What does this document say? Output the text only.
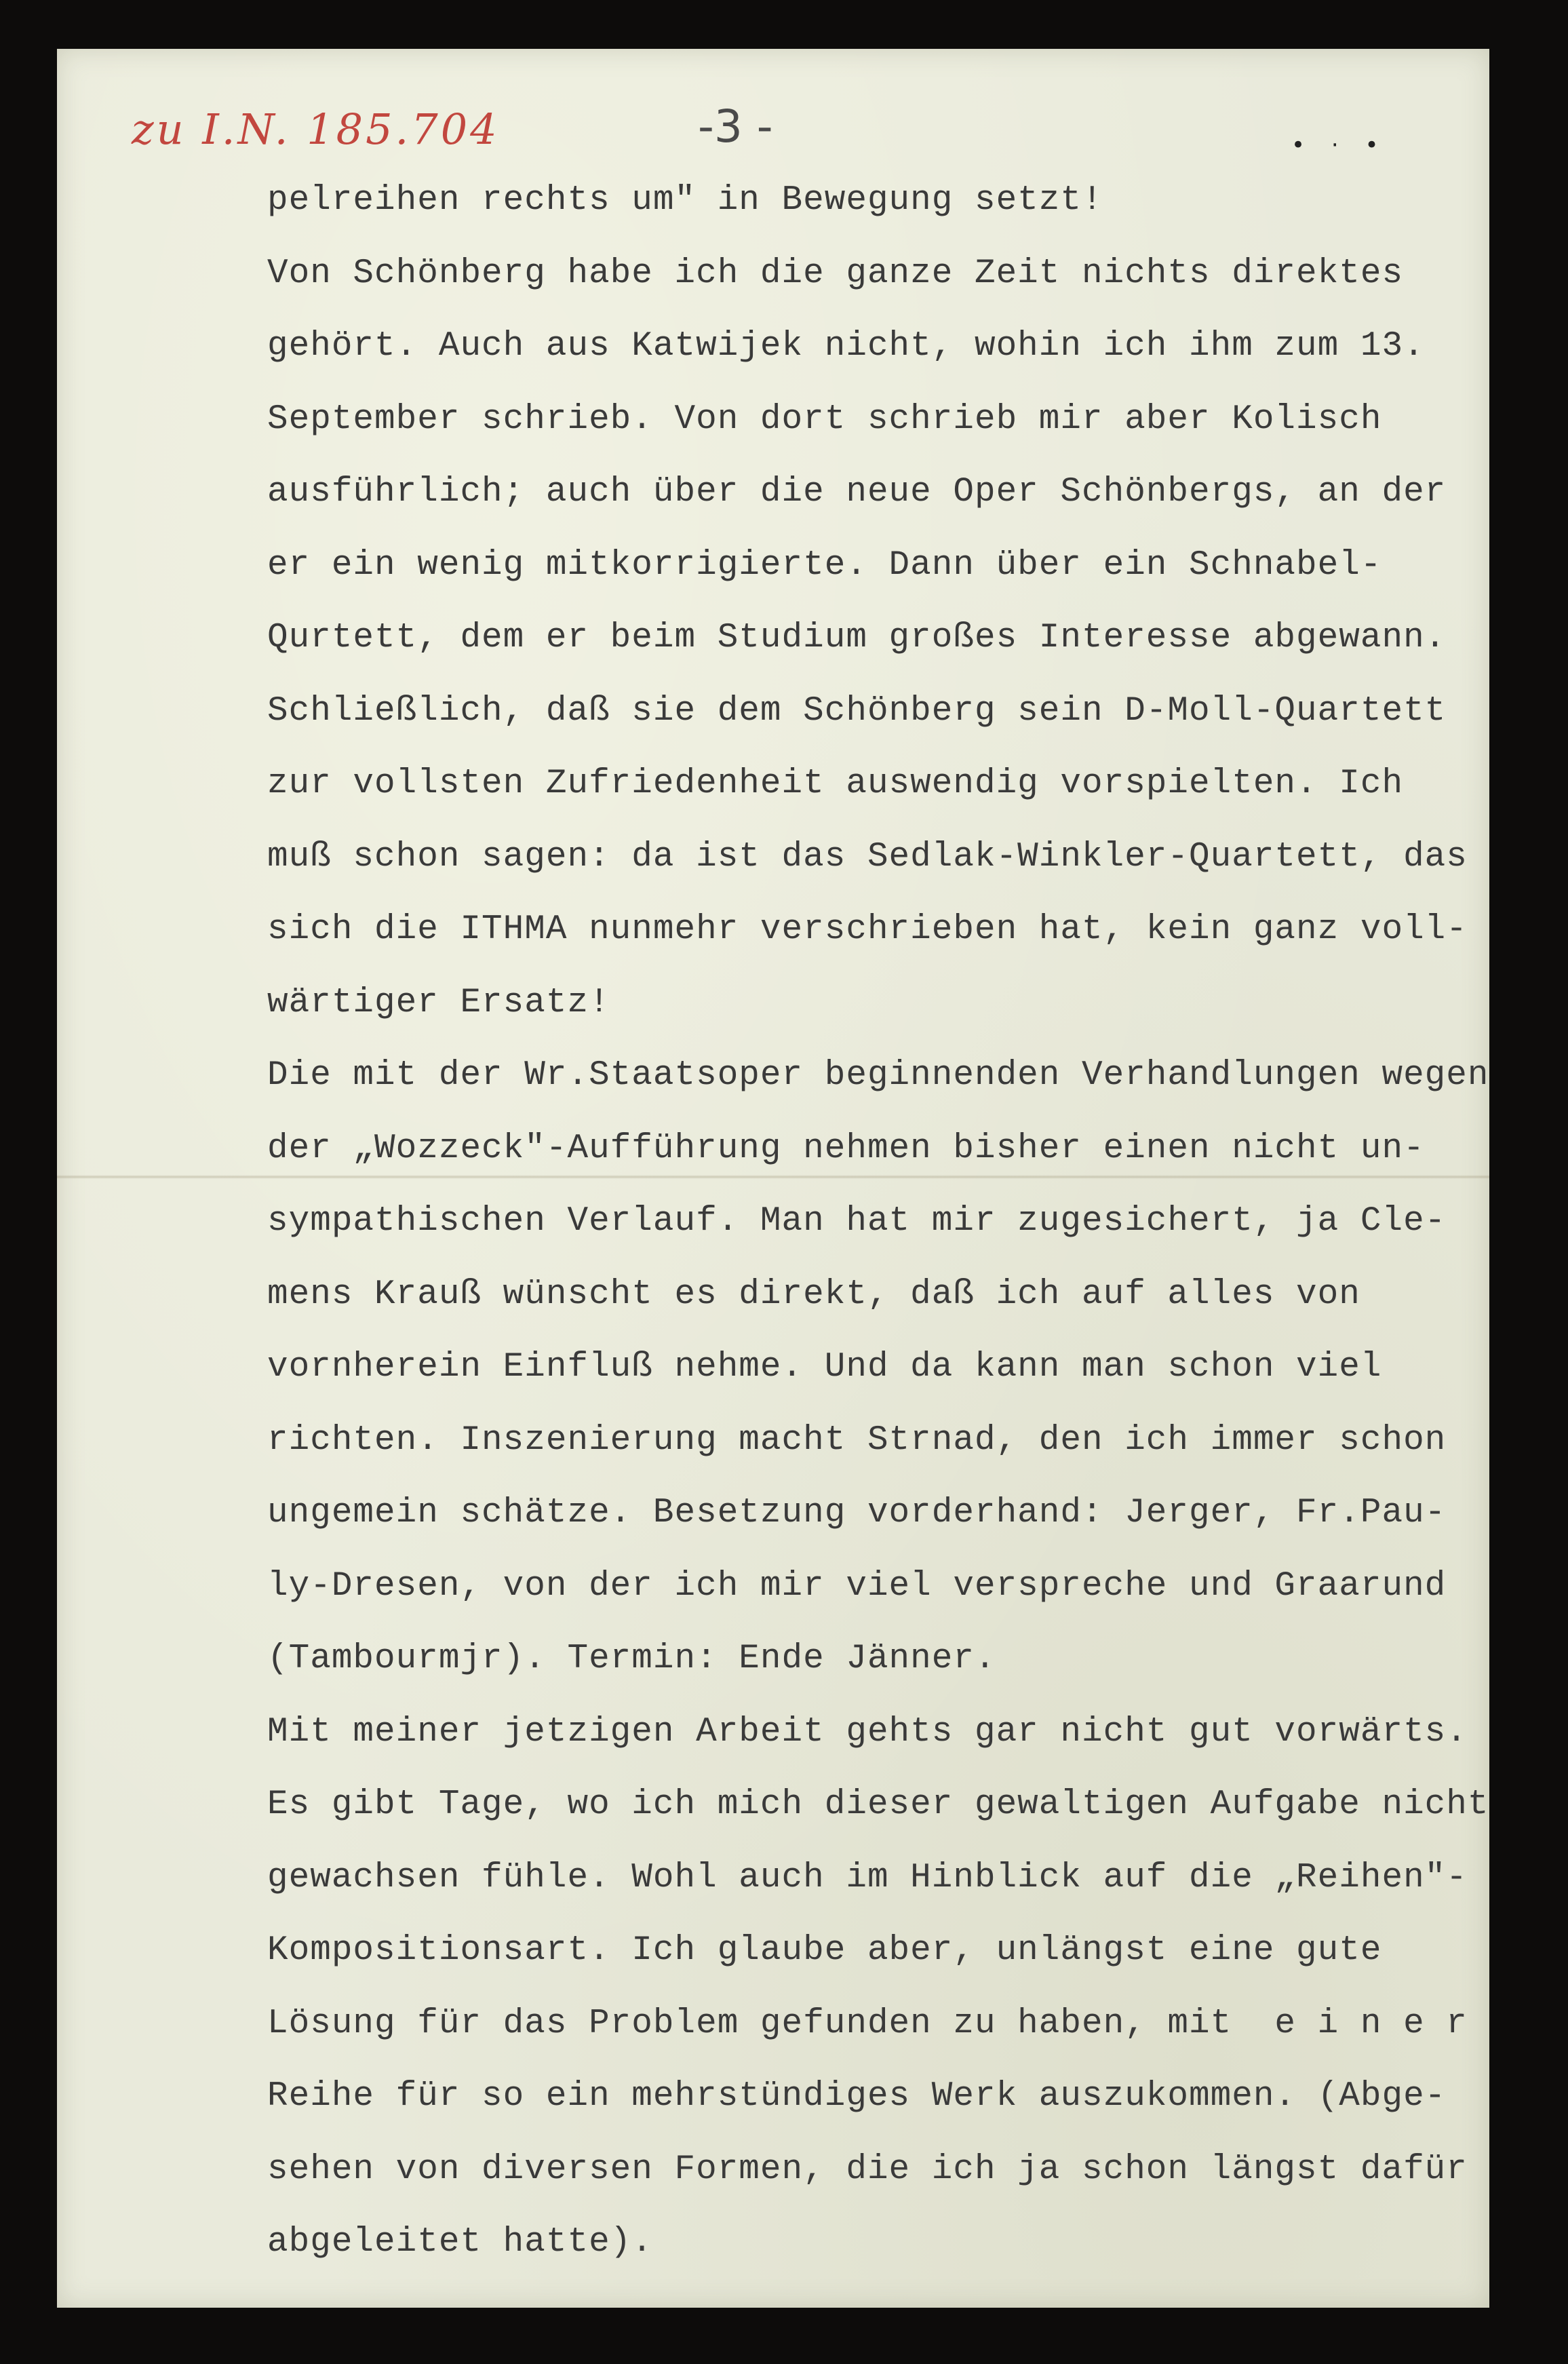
zu I.N. 185.704	-3 -	• · •
pelreihen rechts um" in Bewegung setzt!
Von Schönberg habe ich die ganze Zeit nichts direktes
gehört. Auch aus Katwijek nicht, wohin ich ihm zum 13.
September schrieb. Von dort schrieb mir aber Kolisch
ausführlich; auch über die neue Oper Schönbergs, an der
er ein wenig mitkorrigierte. Dann über ein Schnabel-
Qurtett, dem er beim Studium großes Interesse abgewann.
Schließlich, daß sie dem Schönberg sein D-Moll-Quartett
zur vollsten Zufriedenheit auswendig vorspielten. Ich
muß schon sagen: da ist das Sedlak-Winkler-Quartett, das
sich die ITHMA nunmehr verschrieben hat, kein ganz voll-
wärtiger Ersatz!
Die mit der Wr.Staatsoper beginnenden Verhandlungen wegen
der „Wozzeck"-Aufführung nehmen bisher einen nicht un-
sympathischen Verlauf. Man hat mir zugesichert, ja Cle-
mens Krauß wünscht es direkt, daß ich auf alles von
vornherein Einfluß nehme. Und da kann man schon viel
richten. Inszenierung macht Strnad, den ich immer schon
ungemein schätze. Besetzung vorderhand: Jerger, Fr.Pau-
ly-Dresen, von der ich mir viel verspreche und Graarund
(Tambourmjr). Termin: Ende Jänner.
Mit meiner jetzigen Arbeit gehts gar nicht gut vorwärts.
Es gibt Tage, wo ich mich dieser gewaltigen Aufgabe nicht
gewachsen fühle. Wohl auch im Hinblick auf die „Reihen"-
Kompositionsart. Ich glaube aber, unlängst eine gute
Lösung für das Problem gefunden zu haben, mit  e i n e r
Reihe für so ein mehrstündiges Werk auszukommen. (Abge-
sehen von diversen Formen, die ich ja schon längst dafür
abgeleitet hatte).
